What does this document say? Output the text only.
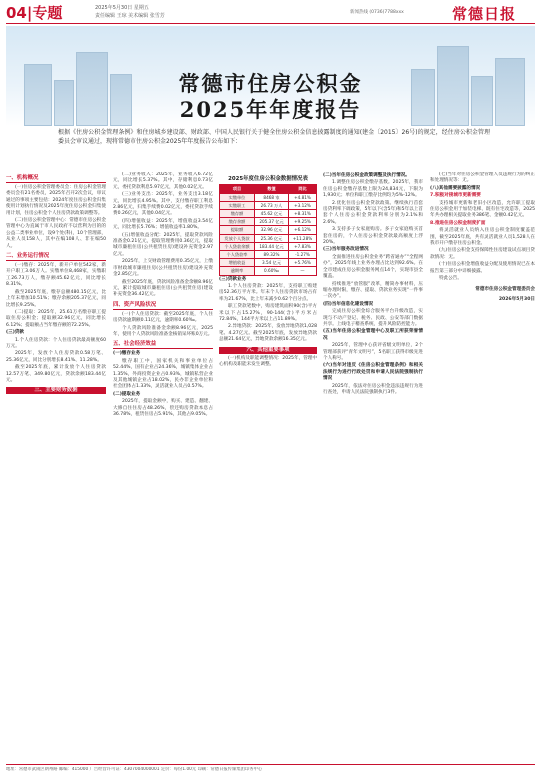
04|专题	2025年5月30日 星期五
责任编辑 王琼 美术编辑 张雪芳
新闻热线 (0736)7788xxx	常德日报
常德市住房公积金
2025年年度报告
根据《住房公积金管理条例》和住房城乡建设部、财政部、中国人民银行关于健全住房公积金信息披露制度的通知(建金〔2015〕26号)的规定，经住房公积金管理委员会审议通过，现将常德市住房公积金2025年年度报告公布如下：
一、机构概况

(一)住房公积金管理委员会：住房公积金管理委员会有21名委员，2025年召开2次会议，审议通过的事项主要包括：2024年度住房公积金归集使用计划执行情况及2025年度住房公积金归集使用计划，住房公积金个人住房贷款政策调整等。

(二)住房公积金管理中心：常德市住房公积金管理中心为直属于市人民政府不以营利为目的的公益二类事业单位，设9个处(科)，10个管理部，从业人员158人，其中在编108人、非在编50人。

二、业务运行情况

(一)缴存：2025年，新开户单位542家，新开户职工3.06万人。实缴单位8,468家，实缴职工26.73万人，缴存额45.62亿元，同比增长8.31%。

截至2025年底，缴存总额480.15亿元，比上年末增加10.51%；缴存余额205.37亿元，同比增长9.25%。

(二)提取：2025年，25.61万名缴存职工提取住房公积金；提取额32.96亿元，同比增长6.12%；提取额占当年缴存额的72.25%。

(三)贷款

1.个人住房贷款：个人住房贷款最高额度60万元。

2025年，发放个人住房贷款0.58万笔、25.36亿元，同比分别增长8.41%、11.28%。

截至2025年底，累计发放个人住房贷款12.57万笔、349.80亿元，贷款余额183.44亿元。

三、主要财务数据

(二)业务收入：2025年，业务收入6.72亿元，同比增长5.37%。其中，存储利息0.73亿元，委托贷款利息5.97亿元，其他0.02亿元。

(三)业务支出：2025年，业务支出3.18亿元，同比增长4.95%。其中，支付缴存职工利息2.86亿元，归集手续费0.02亿元，委托贷款手续费0.26亿元，其他0.04亿元。

(四)增值收益：2025年，增值收益3.54亿元，同比增长5.76%；增值收益率1.80%。

(五)增值收益分配：2025年，提取贷款风险准备金0.21亿元，提取管理费用0.36亿元，提取城市廉租住房(公共租赁住房)建设补充资金2.97亿元。

2025年，上交财政管理费用0.35亿元，上缴市财政城市廉租住房(公共租赁住房)建设补充资金2.85亿元。

截至2025年底，贷款风险准备金余额8.96亿元，累计提取城市廉租住房(公共租赁住房)建设补充资金36.42亿元。

四、资产风险状况

(一)个人住房贷款：截至2025年底，个人住房贷款逾期额0.11亿元，逾期率0.60‰。

个人贷款风险准备金余额8.96亿元，2025年，使用个人贷款风险准备金核销呆坏账0万元。

五、社会经济效益
(一)缴存业务

缴存职工中，国家机关和事业单位占52.44%，国有企业占24.36%，城镇集体企业占1.35%，外商投资企业占0.93%，城镇私营企业及其他城镇企业占18.02%，民办非企业单位和社会团体占1.33%，灵活就业人员占0.57%。

(二)提取业务

2025年，提取金额中，购买、建造、翻建、大修自住住房占48.26%，偿还购房贷款本息占36.78%，租赁住房占5.91%，其他占9.05%。

2025年度住房公积金数据情况表
项目	数值	同比
实缴单位	8468 家	+4.81%
实缴职工	26.73 万人	+3.12%
缴存额	45.62 亿元	+8.31%
缴存余额	205.37 亿元	+9.25%
提取额	32.96 亿元	+6.12%
发放个人贷款	25.36 亿元	+11.28%
个人贷款余额	183.44 亿元	+7.83%
个人贷款率	89.32%	-1.27%
增值收益	3.54 亿元	+5.76%
逾期率	0.60‰	—
(三)贷款业务

1.个人住房贷款：2025年，支持职工购建房52.36万平方米。年末个人住房贷款市场占有率为21.67%，比上年末减少0.62个百分点。

职工贷款笔数中，购房建筑面积90(含)平方米以下占15.27%，90-144(含)平方米占72.84%，144平方米以上占11.89%。

2.异地贷款：2025年，发放异地贷款1,028笔、4.27亿元。截至2025年底，发放异地贷款总额21.64亿元，异地贷款余额16.35亿元。

六、其他重要事项

(一)机构及职能调整情况：2025年，管理中心机构及职能未发生调整。

(二)当年住房公积金政策调整及执行情况。

1.调整住房公积金缴存基数。2025年，我市住房公积金缴存基数上限为24,834元，下限为1,930元；单位和职工缴存比例均为5%-12%。

2.优化住房公积金贷款政策。继续执行首套房贷利率下调政策，5年以下(含5年)和5年以上首套个人住房公积金贷款利率分别为2.1%和2.6%。

3.支持多子女家庭购房。多子女家庭购买首套住房的，个人住房公积金贷款最高额度上浮20%。

(三)当年服务改进情况

全面推进住房公积金业务“跨省通办”“全程网办”，2025年线上业务办理占比达到92.6%。在全市建成住房公积金服务网点14个，实现市县全覆盖。

持续推进“放管服”改革，精简办事材料，压缩办理时限，缴存、提取、贷款业务实现“一件事一次办”。

(四)当年信息化建设情况

完成住房公积金综合服务平台升级改造，实现与不动产登记、税务、民政、公安等部门数据共享。上线电子稽查系统，提升风险防控能力。

(五)当年住房公积金管理中心及职工所获荣誉情况

2025年，管理中心获评省级文明单位，2个管理部获评“青年文明号”，5名职工获得市级先进个人称号。

(六)当年对违反《住房公积金管理条例》和相关法规行为进行行政处罚和申请人民法院强制执行情况

2025年，依法对住房公积金违法违规行为进行查处，申请人民法院强制执行3件。

(七)当年对住房公积金管理人员违规行为的纠正和处理情况等：无。

(八)其他需要披露的情况
7.积极对接城市更新需要

支持城市更新和老旧小区改造，允许职工提取住房公积金用于加装电梯、既有住宅改造等，2025年共办理相关提取业务386笔、金额0.42亿元。

8.推进住房公积金制度扩面

将灵活就业人员纳入住房公积金制度覆盖范围，截至2025年底，共有灵活就业人员1,528人在我市开户缴存住房公积金。

(九)住房公积金支持保障性住房建设试点项目贷款情况：无。

(十)住房公积金增值收益分配及使用情况已在本报告第三部分中详细披露。

特此公告。

常德市住房公积金管理委员会
2026年5月30日
地址：常德市武陵区朗州路 邮编：415000 广告经营许可证：4307004000001 定价：每份1.00元 印刷：常德日报传媒集团印务中心
